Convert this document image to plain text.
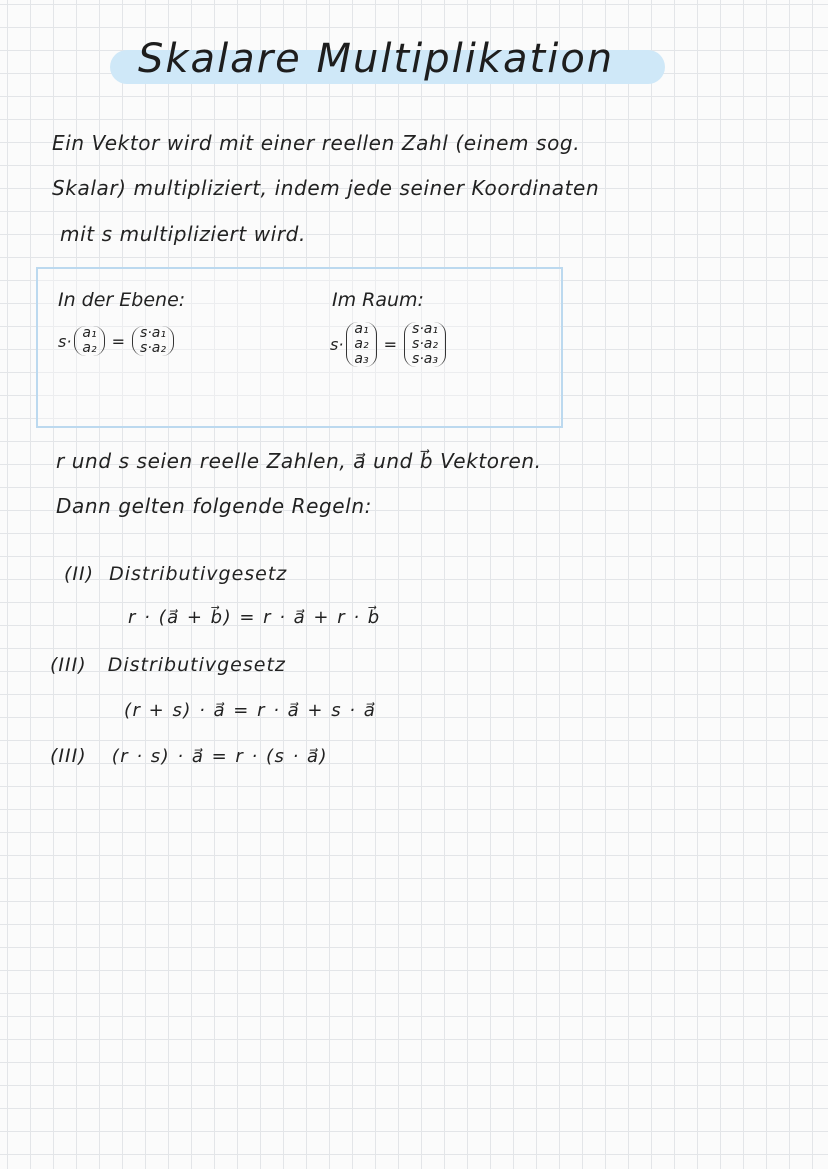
Skalare Multiplikation
Ein Vektor wird mit einer reellen Zahl (einem sog.
Skalar) multipliziert, indem jede seiner Koordinaten
mit s multipliziert wird.
In der Ebene:
s· a₁
a₂ = s·a₁
s·a₂
Im Raum:
s·
a₁
a₂
a₃
=
s·a₁
s·a₂
s·a₃
r und s seien reelle Zahlen, a⃗ und b⃗ Vektoren.
Dann gelten folgende Regeln:
(II) Distributivgesetz
r · (a⃗ + b⃗) = r · a⃗ + r · b⃗
(III) Distributivgesetz
(r + s) · a⃗ = r · a⃗ + s · a⃗
(III) (r · s) · a⃗ = r · (s · a⃗)
